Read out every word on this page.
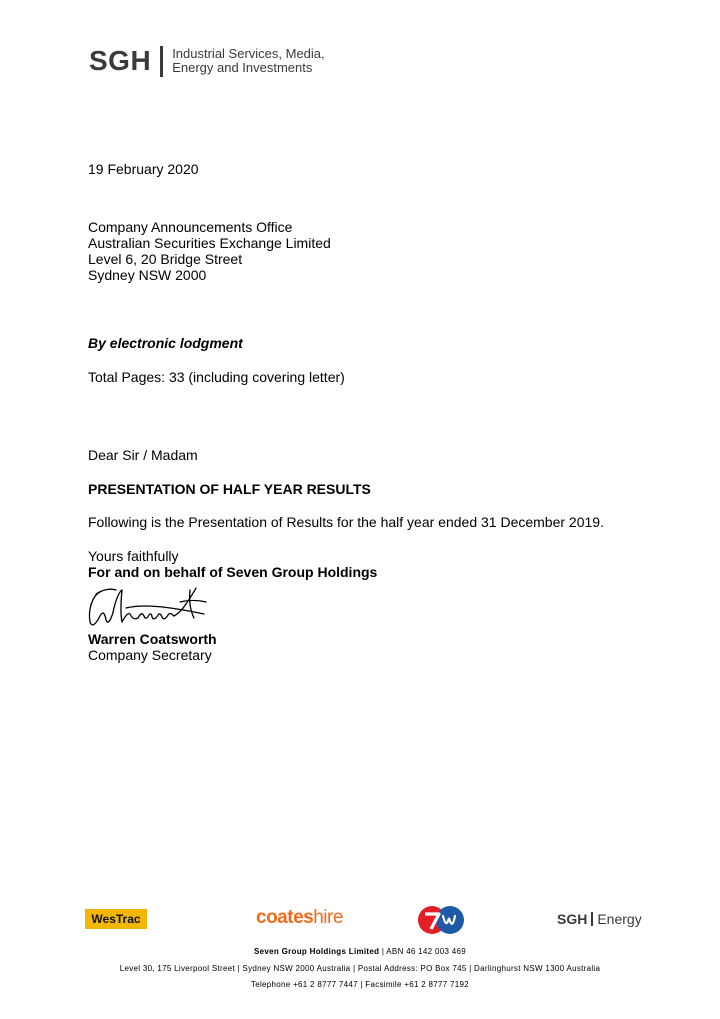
SGH Industrial Services, Media,
Energy and Investments
19 February 2020
Company Announcements Office
Australian Securities Exchange Limited
Level 6, 20 Bridge Street
Sydney NSW 2000
By electronic lodgment
Total Pages: 33 (including covering letter)
Dear Sir / Madam
PRESENTATION OF HALF YEAR RESULTS
Following is the Presentation of Results for the half year ended 31 December 2019.
Yours faithfully
For and on behalf of Seven Group Holdings
Warren Coatsworth
Company Secretary
WesTrac	coateshire	SGH Energy
Seven Group Holdings Limited | ABN 46 142 003 469
Level 30, 175 Liverpool Street | Sydney NSW 2000 Australia | Postal Address: PO Box 745 | Darlinghurst NSW 1300 Australia
Telephone +61 2 8777 7447 | Facsimile +61 2 8777 7192
